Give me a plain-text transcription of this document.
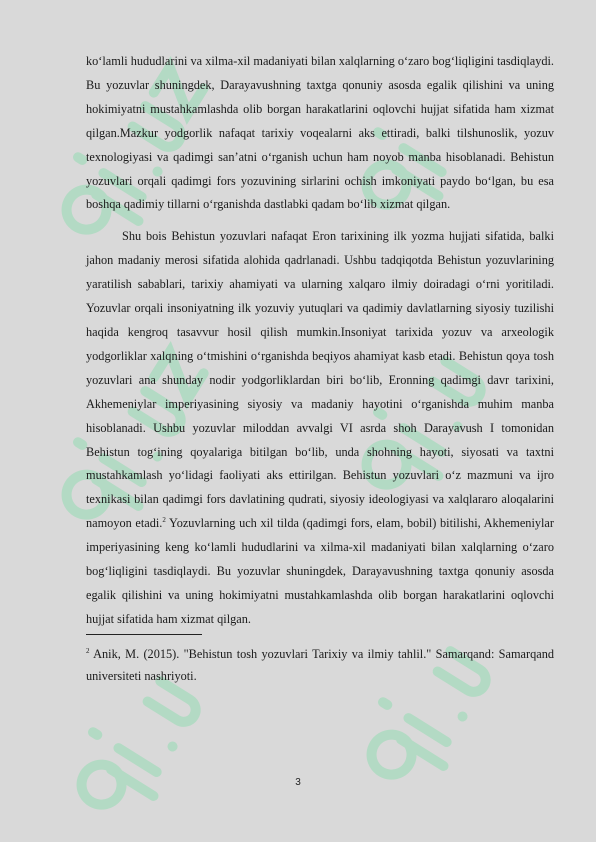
ko‘lamli hududlarini va xilma-xil madaniyati bilan xalqlarning o‘zaro bog‘liqligini tasdiqlaydi. Bu yozuvlar shuningdek, Darayavushning taxtga qonuniy asosda egalik qilishini va uning hokimiyatni mustahkamlashda olib borgan harakatlarini oqlovchi hujjat sifatida ham xizmat qilgan.Mazkur yodgorlik nafaqat tarixiy voqealarni aks ettiradi, balki tilshunoslik, yozuv texnologiyasi va qadimgi san’atni o‘rganish uchun ham noyob manba hisoblanadi. Behistun yozuvlari orqali qadimgi fors yozuvining sirlarini ochish imkoniyati paydo bo‘lgan, bu esa boshqa qadimiy tillarni o‘rganishda dastlabki qadam bo‘lib xizmat qilgan.

Shu bois Behistun yozuvlari nafaqat Eron tarixining ilk yozma hujjati sifatida, balki jahon madaniy merosi sifatida alohida qadrlanadi. Ushbu tadqiqotda Behistun yozuvlarining yaratilish sabablari, tarixiy ahamiyati va ularning xalqaro ilmiy doiradagi o‘rni yoritiladi. Yozuvlar orqali insoniyatning ilk yozuviy yutuqlari va qadimiy davlatlarning siyosiy tuzilishi haqida kengroq tasavvur hosil qilish mumkin.Insoniyat tarixida yozuv va arxeologik yodgorliklar xalqning o‘tmishini o‘rganishda beqiyos ahamiyat kasb etadi. Behistun qoya tosh yozuvlari ana shunday nodir yodgorliklardan biri bo‘lib, Eronning qadimgi davr tarixini, Akhemeniylar imperiyasining siyosiy va madaniy hayotini o‘rganishda muhim manba hisoblanadi. Ushbu yozuvlar miloddan avvalgi VI asrda shoh Darayavush I tomonidan Behistun tog‘ining qoyalariga bitilgan bo‘lib, unda shohning hayoti, siyosati va taxtni mustahkamlash yo‘lidagi faoliyati aks ettirilgan. Behistun yozuvlari o‘z mazmuni va ijro texnikasi bilan qadimgi fors davlatining qudrati, siyosiy ideologiyasi va xalqlararo aloqalarini namoyon etadi.$^2$ Yozuvlarning uch xil tilda (qadimgi fors, elam, bobil) bitilishi, Akhemeniylar imperiyasining keng ko‘lamli hududlarini va xilma-xil madaniyati bilan xalqlarning o‘zaro bog‘liqligini tasdiqlaydi. Bu yozuvlar shuningdek, Darayavushning taxtga qonuniy asosda egalik qilishini va uning hokimiyatni mustahkamlashda olib borgan harakatlarini oqlovchi hujjat sifatida ham xizmat qilgan.

$^2$ Anik, M. (2015). "Behistun tosh yozuvlari Tarixiy va ilmiy tahlil." Samarqand: Samarqand universiteti nashriyoti.
3
